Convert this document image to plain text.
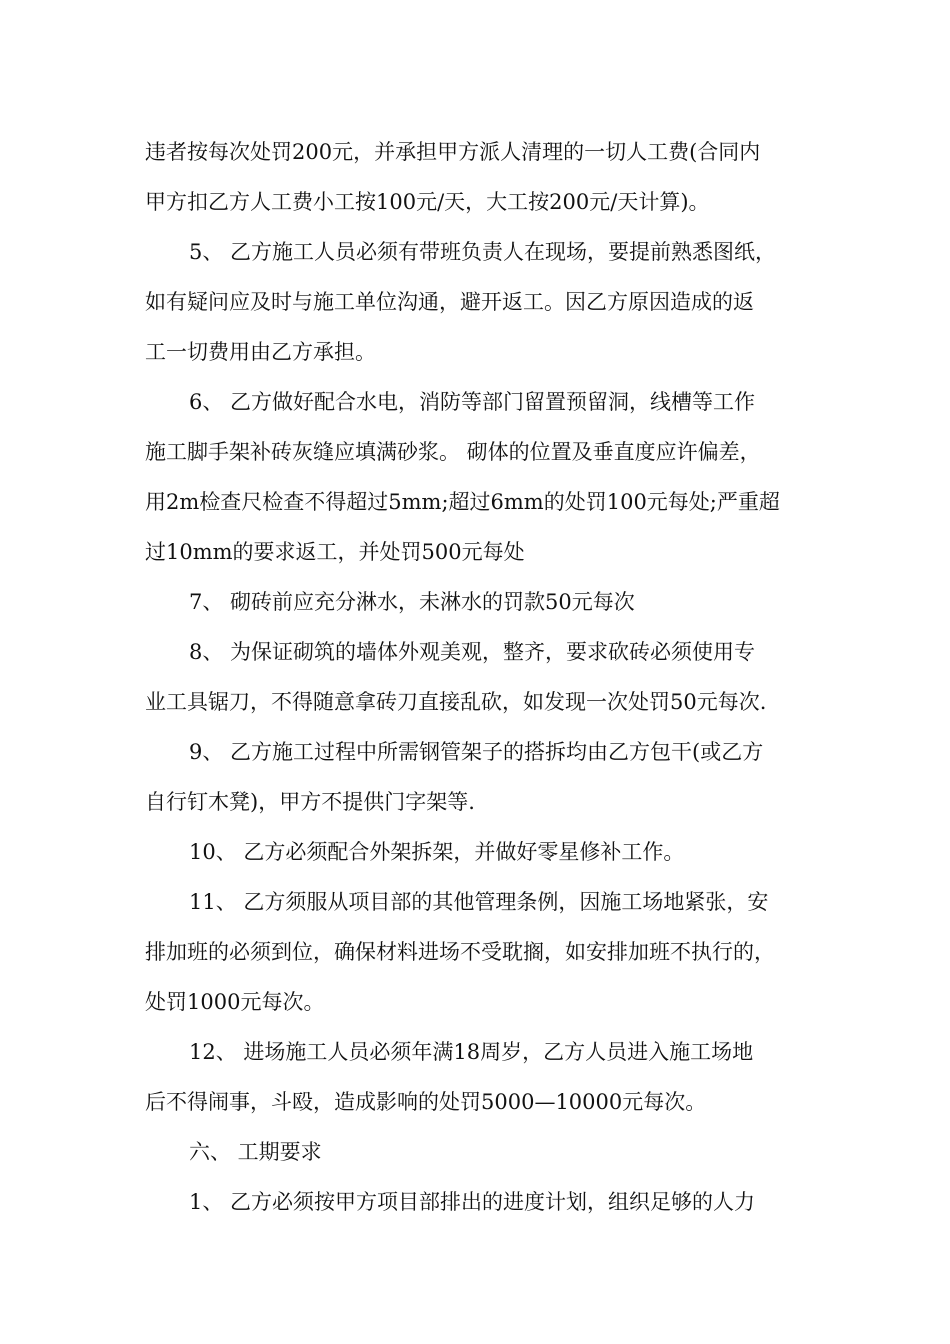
违者按每次处罚200元，并承担甲方派人清理的一切人工费(合同内
甲方扣乙方人工费小工按100元/天，大工按200元/天计算)。
5、 乙方施工人员必须有带班负责人在现场，要提前熟悉图纸，
如有疑问应及时与施工单位沟通，避开返工。因乙方原因造成的返
工一切费用由乙方承担。
6、 乙方做好配合水电，消防等部门留置预留洞，线槽等工作
施工脚手架补砖灰缝应填满砂浆。 砌体的位置及垂直度应许偏差，
用2m检查尺检查不得超过5mm;超过6mm的处罚100元每处;严重超
过10mm的要求返工，并处罚500元每处
7、 砌砖前应充分淋水，未淋水的罚款50元每次
8、 为保证砌筑的墙体外观美观，整齐，要求砍砖必须使用专
业工具锯刀，不得随意拿砖刀直接乱砍，如发现一次处罚50元每次.
9、 乙方施工过程中所需钢管架子的搭拆均由乙方包干(或乙方
自行钉木凳)，甲方不提供门字架等.
10、 乙方必须配合外架拆架，并做好零星修补工作。
11、 乙方须服从项目部的其他管理条例，因施工场地紧张，安
排加班的必须到位，确保材料进场不受耽搁，如安排加班不执行的，
处罚1000元每次。
12、 进场施工人员必须年满18周岁，乙方人员进入施工场地
后不得闹事，斗殴，造成影响的处罚5000—10000元每次。
六、 工期要求
1、 乙方必须按甲方项目部排出的进度计划，组织足够的人力
